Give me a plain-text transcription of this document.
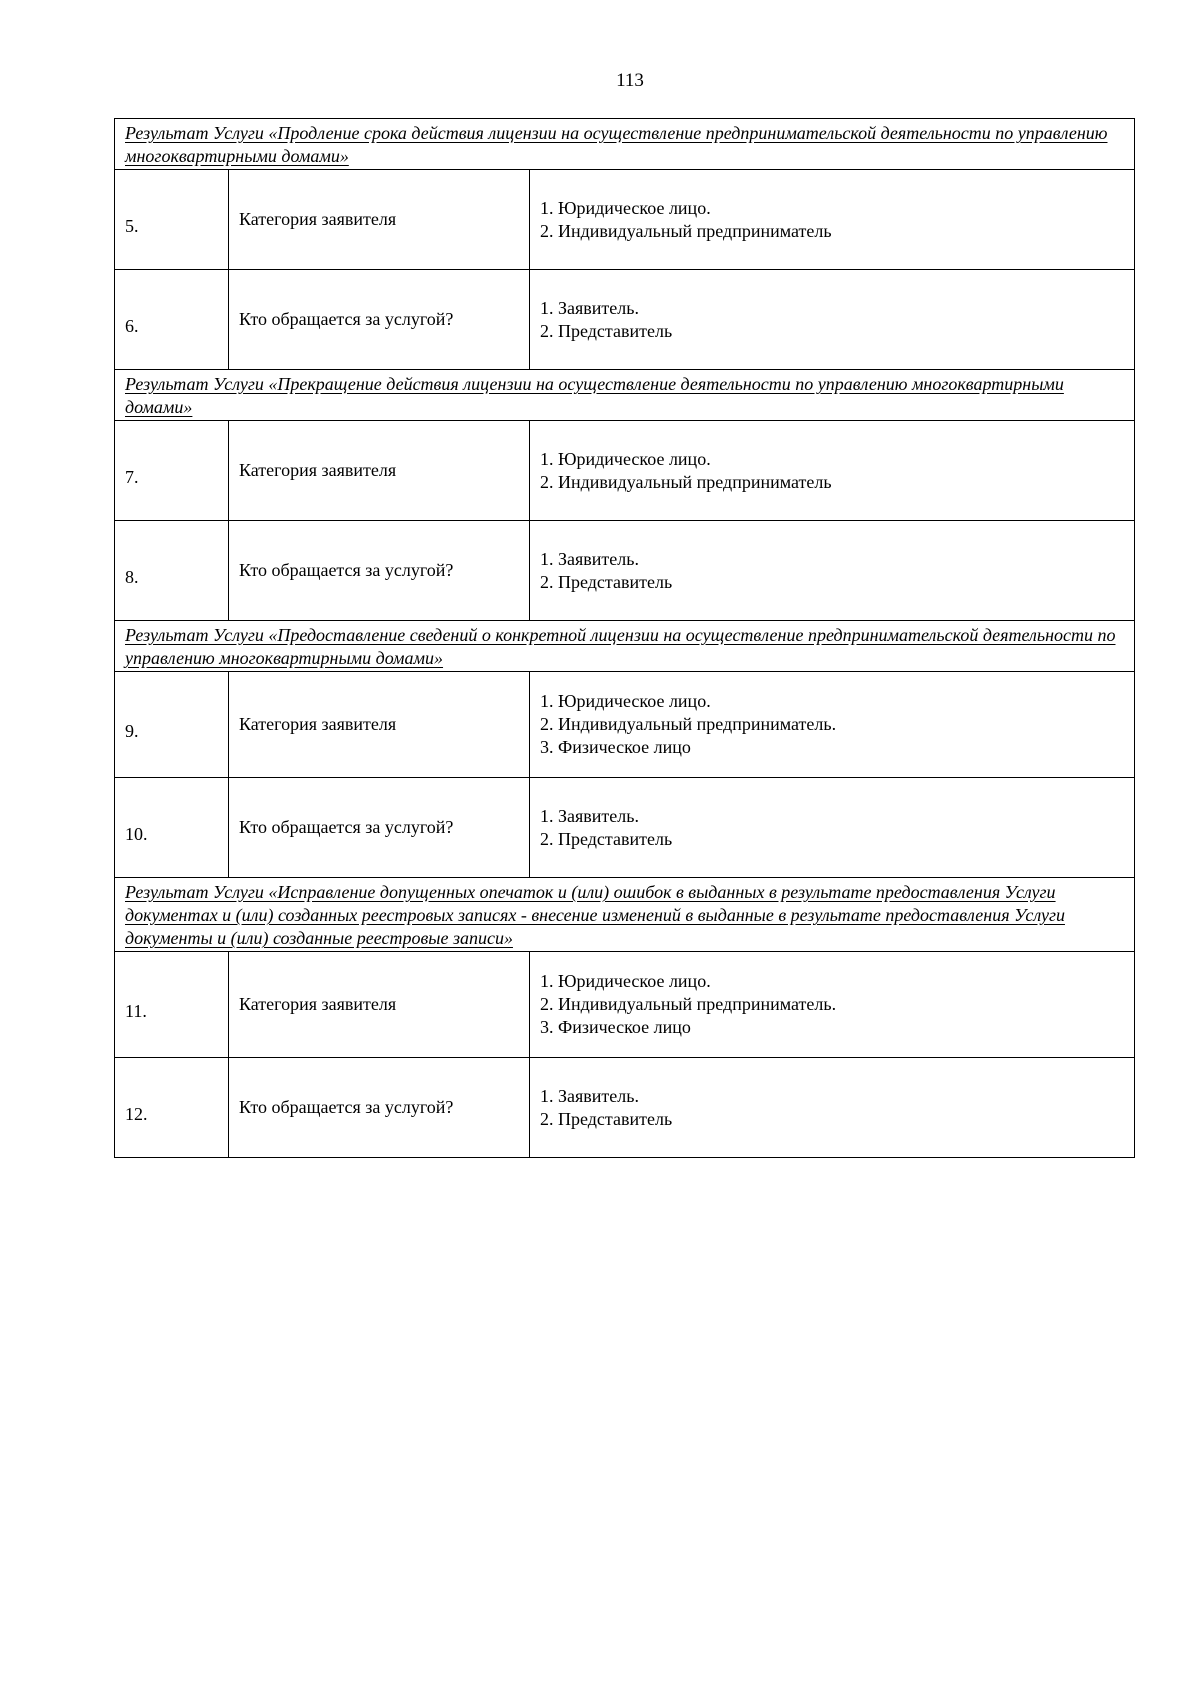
113
Результат Услуги «Продление срока действия лицензии на осуществление предпринимательской деятельности по управлению многоквартирными домами»		
5.	Категория заявителя	1. Юридическое лицо.
2. Индивидуальный предприниматель

6.	Кто обращается за услугой?	1. Заявитель.
2. Представитель

Результат Услуги «Прекращение действия лицензии на осуществление деятельности по управлению многоквартирными домами»		
7.	Категория заявителя	1. Юридическое лицо.
2. Индивидуальный предприниматель

8.	Кто обращается за услугой?	1. Заявитель.
2. Представитель

Результат Услуги «Предоставление сведений о конкретной лицензии на осуществление предпринимательской деятельности по управлению многоквартирными домами»		
9.	Категория заявителя	1. Юридическое лицо.
2. Индивидуальный предприниматель.
3. Физическое лицо

10.	Кто обращается за услугой?	1. Заявитель.
2. Представитель

Результат Услуги «Исправление допущенных опечаток и (или) ошибок в выданных в результате предоставления Услуги документах и (или) созданных реестровых записях - внесение изменений в выданные в результате предоставления Услуги документы и (или) созданные реестровые записи»		
11.	Категория заявителя	1. Юридическое лицо.
2. Индивидуальный предприниматель.
3. Физическое лицо

12.	Кто обращается за услугой?	1. Заявитель.
2. Представитель
